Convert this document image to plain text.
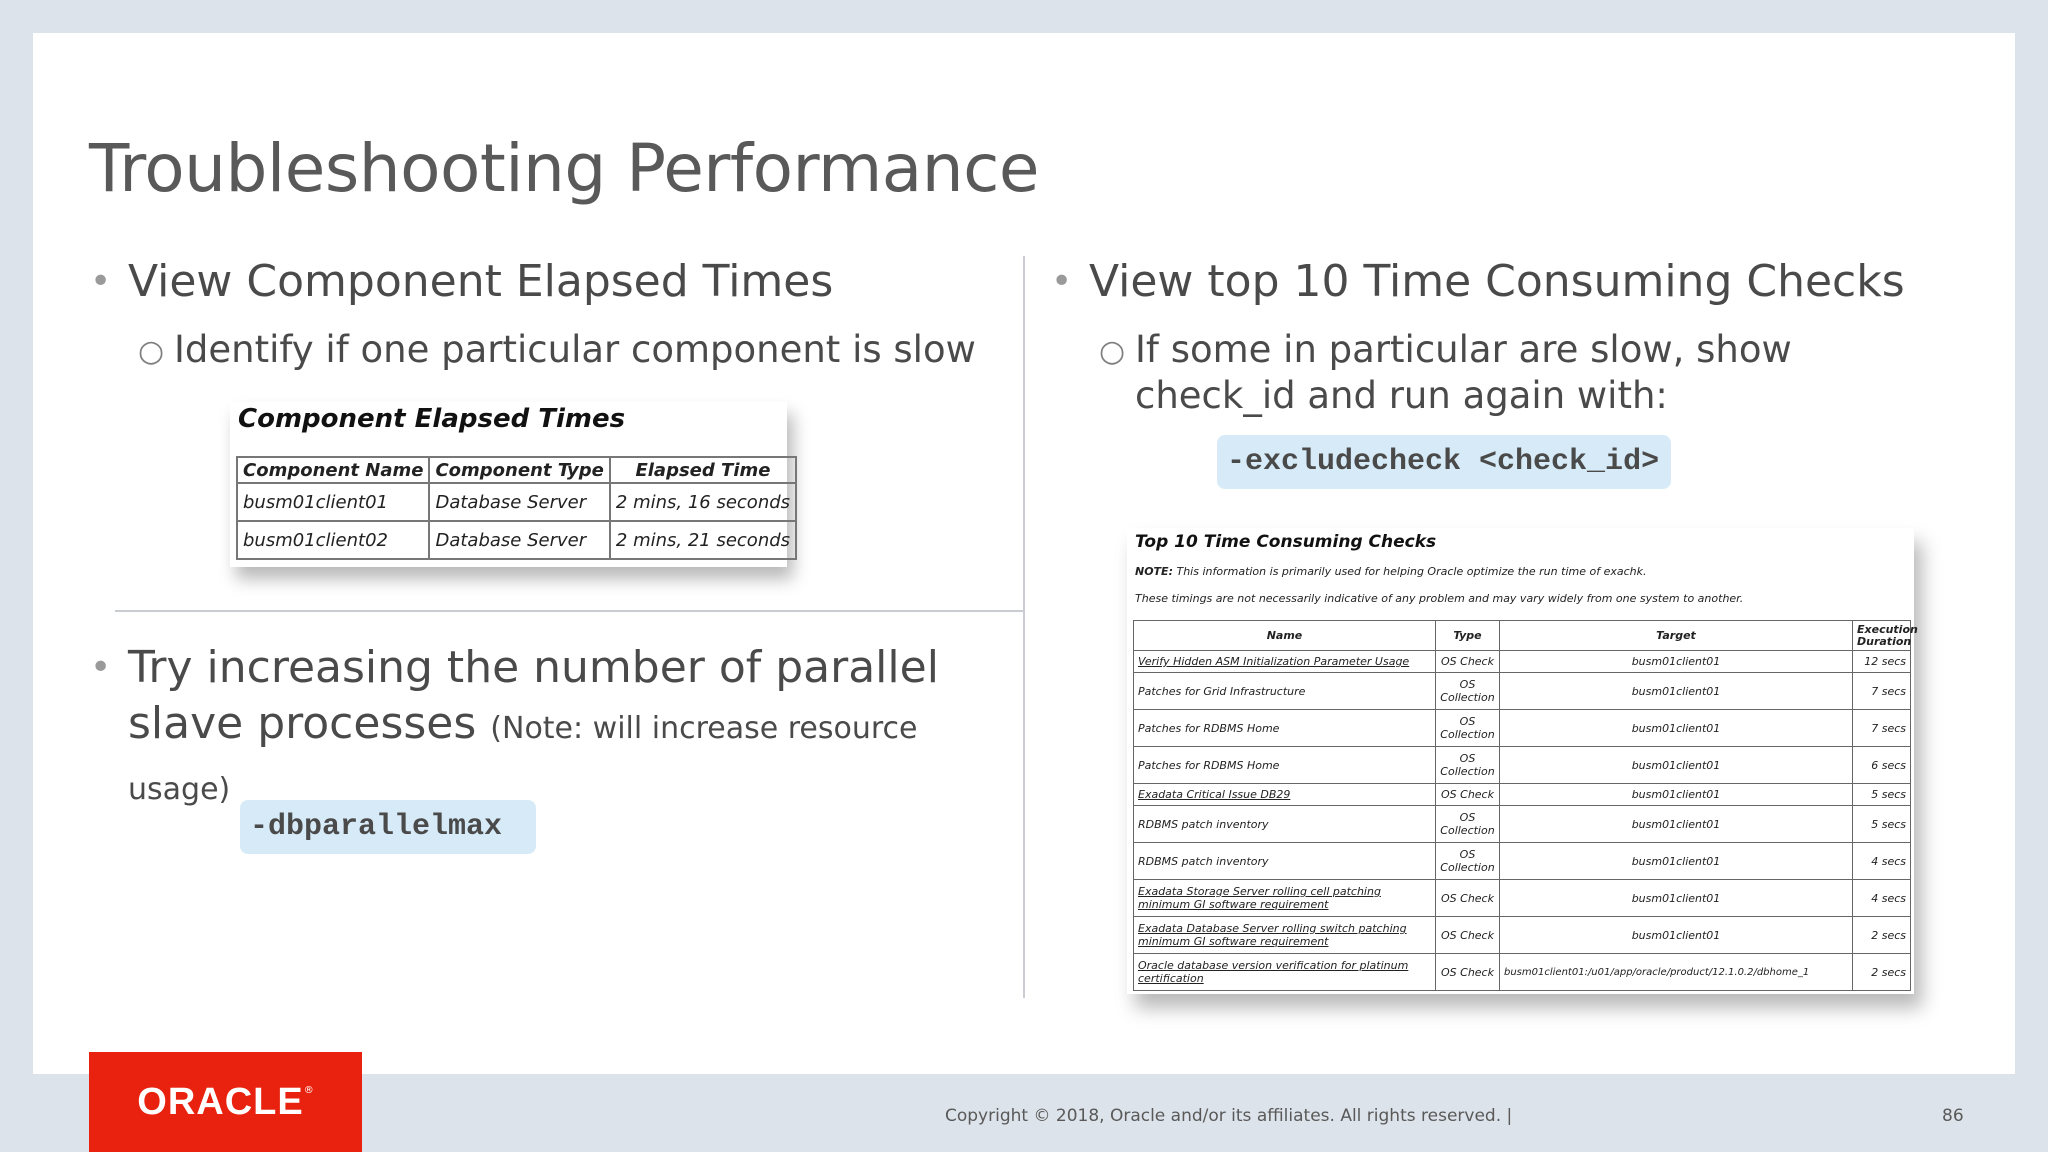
Troubleshooting Performance
• View Component Elapsed Times
○ Identify if one particular component is slow
Component Elapsed Times
Component Name	Component Type	Elapsed Time
busm01client01	Database Server	2 mins, 16 seconds
busm01client02	Database Server	2 mins, 21 seconds
• Try increasing the number of parallel slave processes (Note: will increase resource usage)
-dbparallelmax
• View top 10 Time Consuming Checks
○ If some in particular are slow, show check_id and run again with:
-excludecheck <check_id>
Top 10 Time Consuming Checks
NOTE: This information is primarily used for helping Oracle optimize the run time of exachk.
These timings are not necessarily indicative of any problem and may vary widely from one system to another.
Name	Type	Target	Execution Duration
Verify Hidden ASM Initialization Parameter Usage	OS Check	busm01client01	12 secs
Patches for Grid Infrastructure	OS Collection	busm01client01	7 secs
Patches for RDBMS Home	OS Collection	busm01client01	7 secs
Patches for RDBMS Home	OS Collection	busm01client01	6 secs
Exadata Critical Issue DB29	OS Check	busm01client01	5 secs
RDBMS patch inventory	OS Collection	busm01client01	5 secs
RDBMS patch inventory	OS Collection	busm01client01	4 secs
Exadata Storage Server rolling cell patching minimum GI software requirement	OS Check	busm01client01	4 secs
Exadata Database Server rolling switch patching minimum GI software requirement	OS Check	busm01client01	2 secs
Oracle database version verification for platinum certification	OS Check	busm01client01:/u01/app/oracle/product/12.1.0.2/dbhome_1	2 secs
ORACLE®
Copyright © 2018, Oracle and/or its affiliates. All rights reserved. |	86
